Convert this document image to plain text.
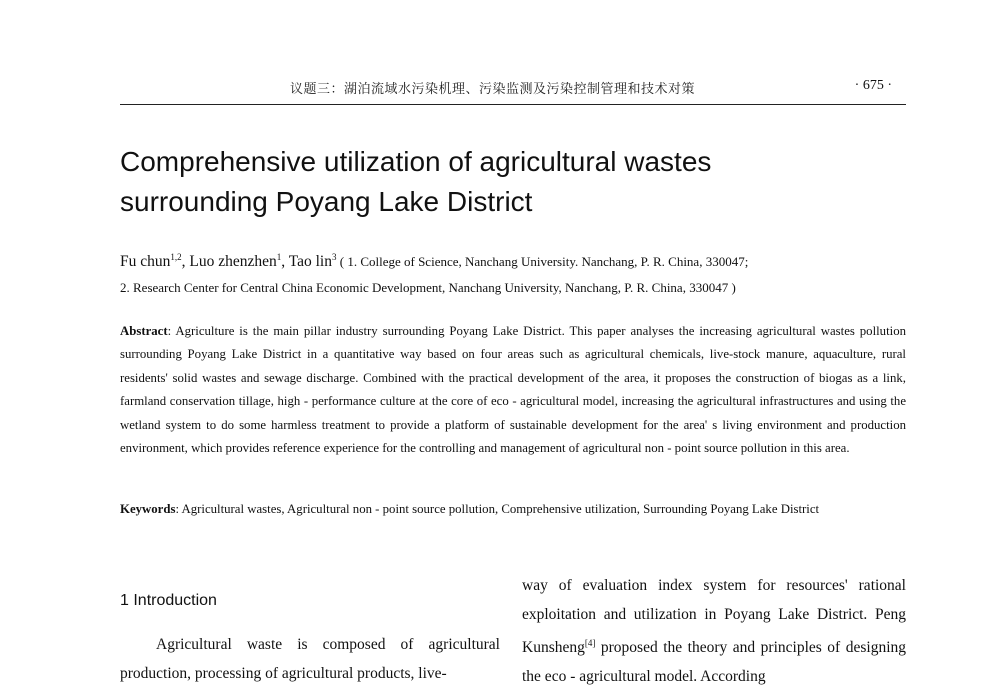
议题三：湖泊流域水污染机理、污染监测及污染控制管理和技术对策	· 675 ·
Comprehensive utilization of agricultural wastes
surrounding Poyang Lake District
Fu chun$^{1,2}$, Luo zhenzhen$^1$, Tao lin$^3$ ( 1. College of Science, Nanchang University. Nanchang, P. R. China, 330047;
2. Research Center for Central China Economic Development, Nanchang University, Nanchang, P. R. China, 330047 )
Abstract: Agriculture is the main pillar industry surrounding Poyang Lake District. This paper analyses the increasing agricultural wastes pollution surrounding Poyang Lake District in a quantitative way based on four areas such as agricultural chemicals, live-stock manure, aquaculture, rural residents' solid wastes and sewage discharge. Combined with the practical development of the area, it proposes the construction of biogas as a link, farmland conservation tillage, high - performance culture at the core of eco - agricultural model, increasing the agricultural infrastructures and using the wetland system to do some harmless treatment to provide a platform of sustainable development for the area' s living environment and production environment, which provides reference experience for the controlling and management of agricultural non - point source pollution in this area.
Keywords: Agricultural wastes, Agricultural non - point source pollution, Comprehensive utilization, Surrounding Poyang Lake District
1 Introduction

Agricultural waste is composed of agricultural production, processing of agricultural products, live-

way of evaluation index system for resources' rational exploitation and utilization in Poyang Lake District. Peng Kunsheng[4] proposed the theory and principles of designing the eco - agricultural model. According
